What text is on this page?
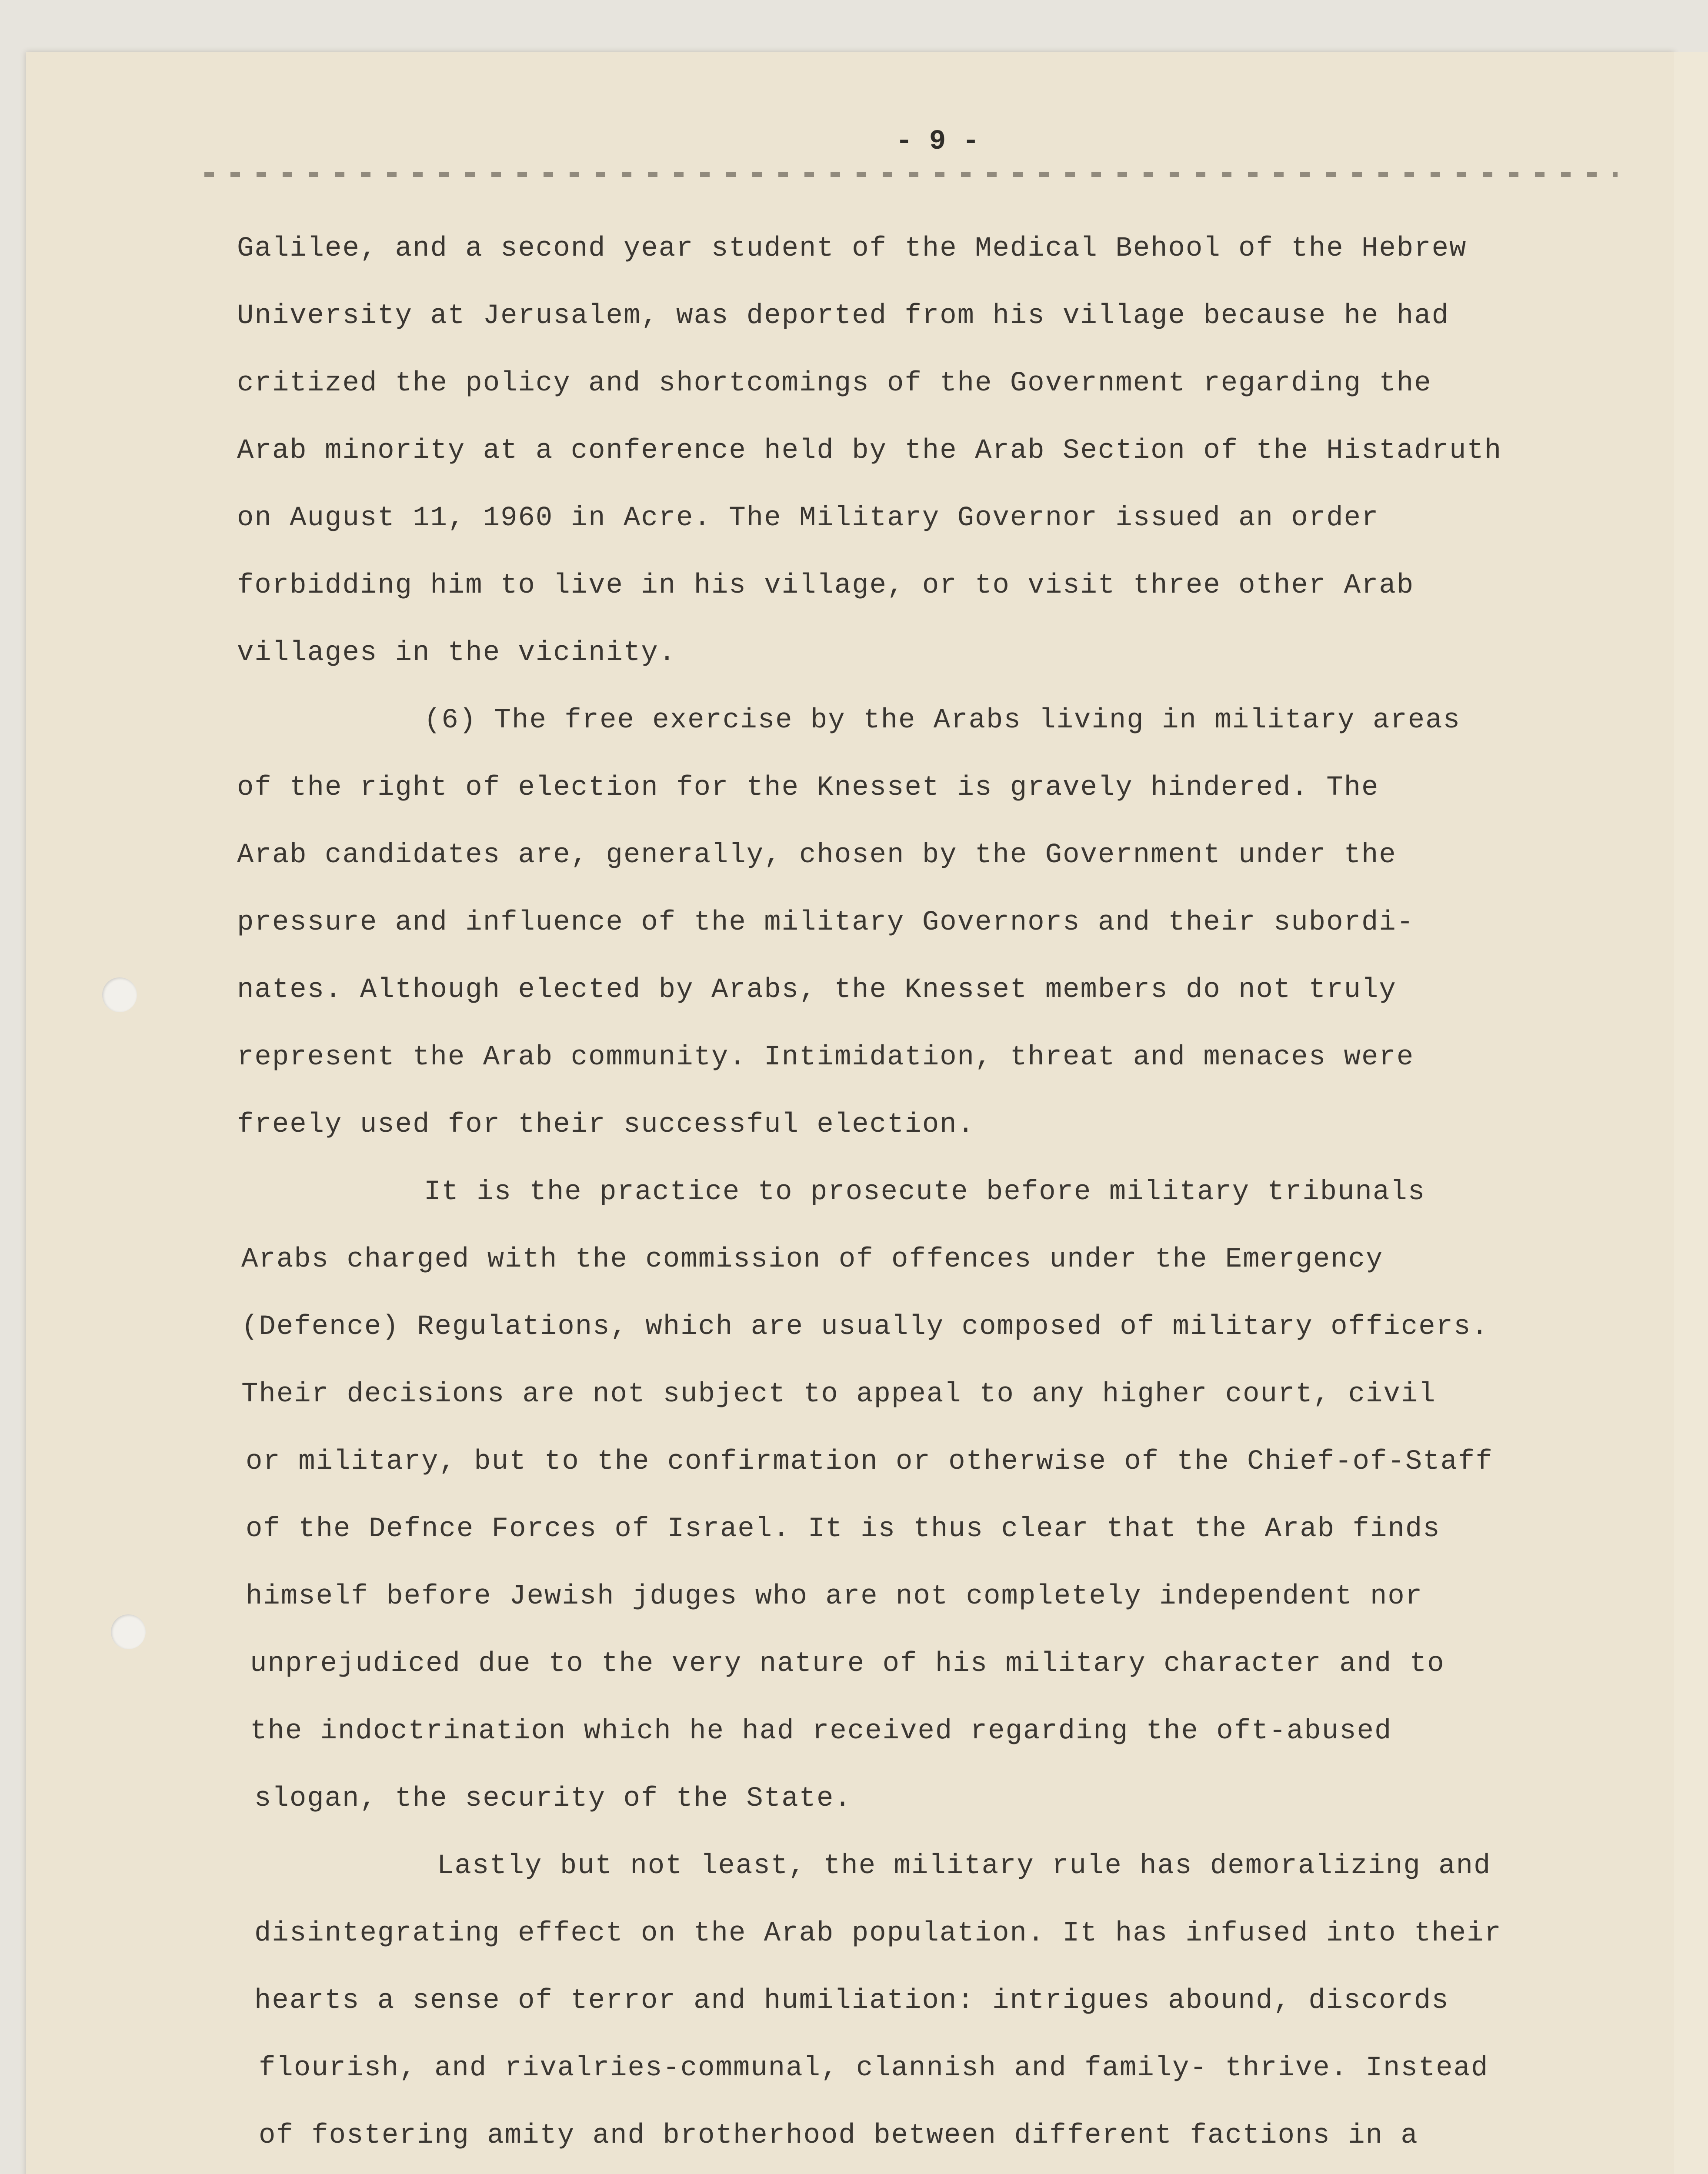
- 9 -
Galilee, and a second year student of the Medical Behool of the Hebrew
University at Jerusalem, was deported from his village because he had
critized the policy and shortcomings of the Government regarding the
Arab minority at a conference held by the Arab Section of the Histadruth
on August 11, 1960 in Acre. The Military Governor issued an order
forbidding him to live in his village, or to visit three other Arab
villages in the vicinity.
(6) The free exercise by the Arabs living in military areas
of the right of election for the Knesset is gravely hindered. The
Arab candidates are, generally, chosen by the Government under the
pressure and influence of the military Governors and their subordi-
nates. Although elected by Arabs, the Knesset members do not truly
represent the Arab community. Intimidation, threat and menaces were
freely used for their successful election.
It is the practice to prosecute before military tribunals
Arabs charged with the commission of offences under the Emergency
(Defence) Regulations, which are usually composed of military officers.
Their decisions are not subject to appeal to any higher court, civil
or military, but to the confirmation or otherwise of the Chief-of-Staff
of the Defnce Forces of Israel. It is thus clear that the Arab finds
himself before Jewish jduges who are not completely independent nor
unprejudiced due to the very nature of his military character and to
the indoctrination which he had received regarding the oft-abused
slogan, the security of the State.
Lastly but not least, the military rule has demoralizing and
disintegrating effect on the Arab population. It has infused into their
hearts a sense of terror and humiliation: intrigues abound, discords
flourish, and rivalries-communal, clannish and family- thrive. Instead
of fostering amity and brotherhood between different factions in a
